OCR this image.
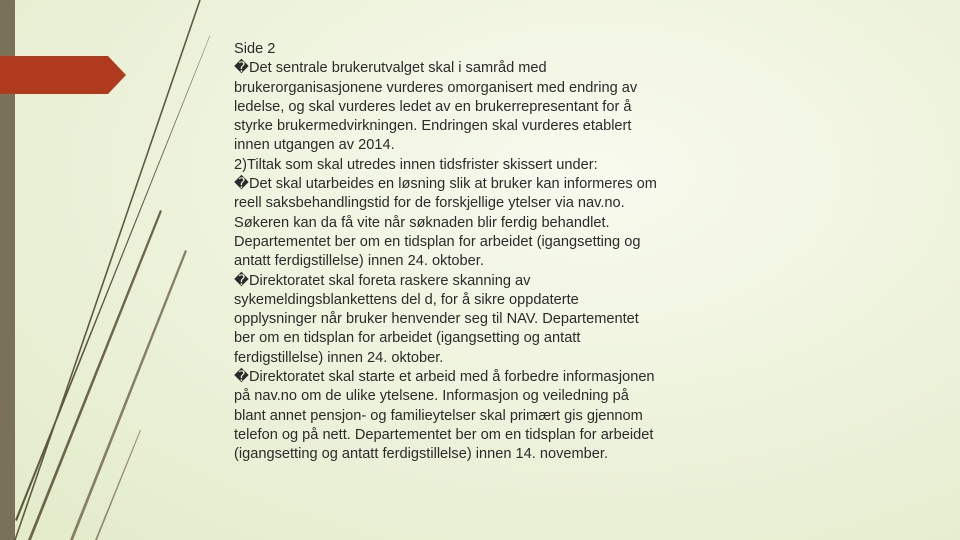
Side 2

�Det sentrale brukerutvalget skal i samråd med

brukerorganisasjonene vurderes omorganisert med endring av

ledelse, og skal vurderes ledet av en brukerrepresentant for å

styrke brukermedvirkningen. Endringen skal vurderes etablert

innen utgangen av 2014.

2)Tiltak som skal utredes innen tidsfrister skissert under:

�Det skal utarbeides en løsning slik at bruker kan informeres om

reell saksbehandlingstid for de forskjellige ytelser via nav.no.

Søkeren kan da få vite når søknaden blir ferdig behandlet.

Departementet ber om en tidsplan for arbeidet (igangsetting og

antatt ferdigstillelse) innen 24. oktober.

�Direktoratet skal foreta raskere skanning av

sykemeldingsblankettens del d, for å sikre oppdaterte

opplysninger når bruker henvender seg til NAV. Departementet

ber om en tidsplan for arbeidet (igangsetting og antatt

ferdigstillelse) innen 24. oktober.

�Direktoratet skal starte et arbeid med å forbedre informasjonen

på nav.no om de ulike ytelsene. Informasjon og veiledning på

blant annet pensjon- og familieytelser skal primært gis gjennom

telefon og på nett. Departementet ber om en tidsplan for arbeidet

(igangsetting og antatt ferdigstillelse) innen 14. november.
